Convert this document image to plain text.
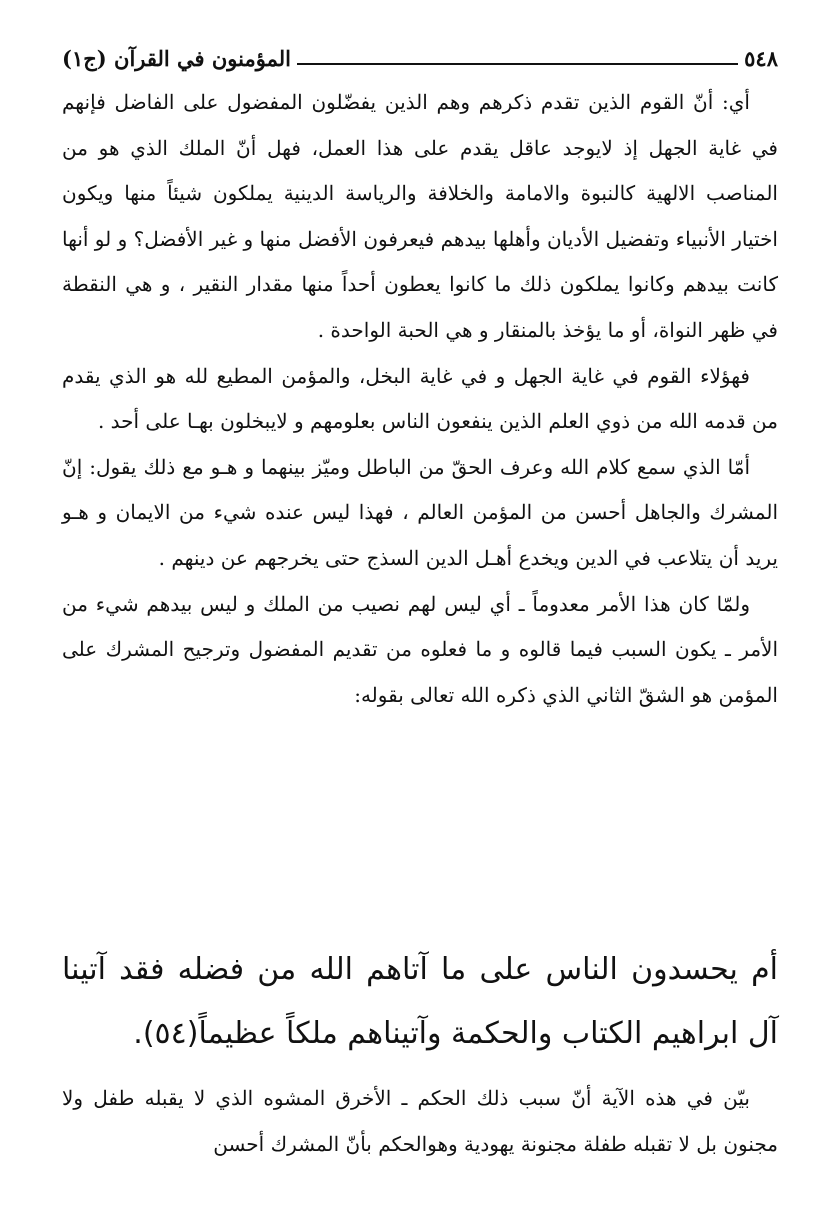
٥٤٨
المؤمنون في القرآن (ج١)

أي: أنّ القوم الذين تقدم ذكرهم وهم الذين يفضّلون المفضول على الفاضل فإنهم في غاية الجهل إذ لايوجد عاقل يقدم على هذا العمل، فهل أنّ الملك الذي هو من المناصب الالهية كالنبوة والامامة والخلافة والرياسة الدينية يملكون شيئاً منها ويكون اختيار الأنبياء وتفضيل الأديان وأهلها بيدهم فيعرفون الأفضل منها و غير الأفضل؟ و لو أنها كانت بيدهم وكانوا يملكون ذلك ما كانوا يعطون أحداً منها مقدار النقير ، و هي النقطة في ظهر النواة، أو ما يؤخذ بالمنقار و هي الحبة الواحدة .

فهؤلاء القوم في غاية الجهل و في غاية البخل، والمؤمن المطيع لله هو الذي يقدم من قدمه الله من ذوي العلم الذين ينفعون الناس بعلومهم و لايبخلون بهـا على أحد .

أمّا الذي سمع كلام الله وعرف الحقّ من الباطل وميّز بينهما و هـو مع ذلك يقول: إنّ المشرك والجاهل أحسن من المؤمن العالم ، فهذا ليس عنده شيء من الايمان و هـو يريد أن يتلاعب في الدين ويخدع أهـل الدين السذج حتى يخرجهم عن دينهم .

ولمّا كان هذا الأمر معدوماً ـ أي ليس لهم نصيب من الملك و ليس بيدهم شيء من الأمر ـ يكون السبب فيما قالوه و ما فعلوه من تقديم المفضول وترجيح المشرك على المؤمن هو الشقّ الثاني الذي ذكره الله تعالى بقوله:

أم يحسدون الناس على ما آتاهم الله من فضله فقد آتينا آل ابراهيم الكتاب والحكمة وآتيناهم ملكاً عظيماً(٥٤).

بيّن في هذه الآية أنّ سبب ذلك الحكم ـ الأخرق المشوه الذي لا يقبله طفل ولا مجنون بل لا تقبله طفلة مجنونة يهودية وهوالحكم بأنّ المشرك أحسن
